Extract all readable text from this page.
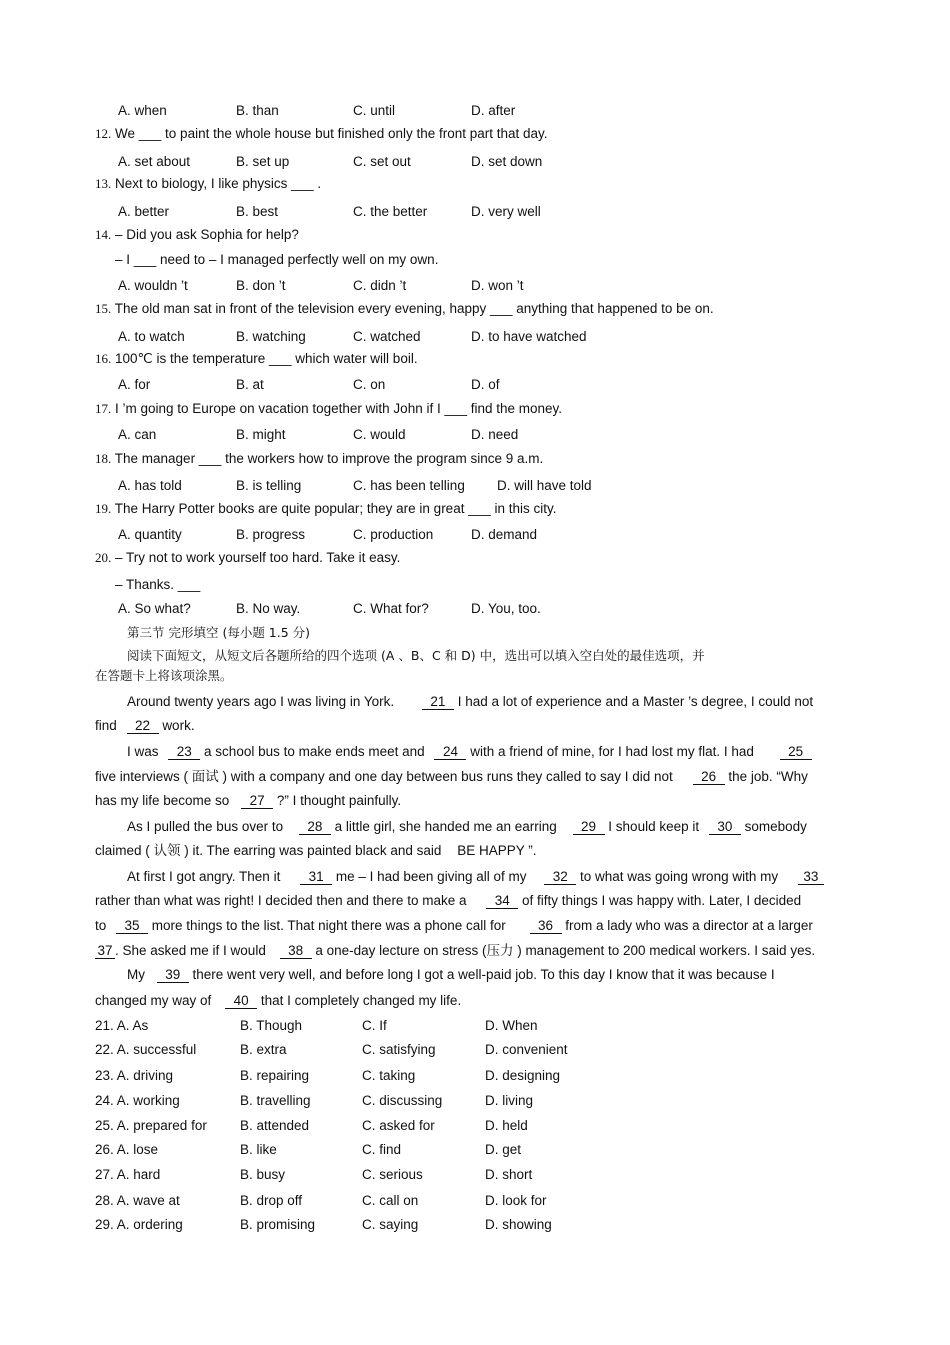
A. when	B. than	C. until	D. after
12. We ___ to paint the whole house but finished only the front part that day.
A. set about	B. set up	C. set out	D. set down
13. Next to biology, I like physics ___ .
A. better	B. best	C. the better	D. very well
14. – Did you ask Sophia for help?
– I ___ need to – I managed perfectly well on my own.
A. wouldn ’t	B. don ’t	C. didn ’t	D. won ’t
15. The old man sat in front of the television every evening, happy ___ anything that happened to be on.
A. to watch	B. watching	C. watched	D. to have watched
16. 100℃ is the temperature ___ which water will boil.
A. for	B. at	C. on	D. of
17. I ’m going to Europe on vacation together with John if I ___ find the money.
A. can	B. might	C. would	D. need
18. The manager ___ the workers how to improve the program since 9 a.m.
A. has told	B. is telling	C. has been telling D. will have told
19. The Harry Potter books are quite popular; they are in great ___ in this city.
A. quantity	B. progress	C. production	D. demand
20. – Try not to work yourself too hard. Take it easy.
– Thanks. ___
A. So what?	B. No way.	C. What for?	D. You, too.
第三节 完形填空 (每小题 1.5 分)
阅读下面短文，从短文后各题所给的四个选项 (A 、B、C 和 D) 中，选出可以填入空白处的最佳选项，并
在答题卡上将该项涂黑。
Around twenty years ago I was living in York.	21 I had a lot of experience and a Master ’s degree, I could not
find 22 work.
I was 23 a school bus to make ends meet and 24 with a friend of mine, for I had lost my flat. I had	25
five interviews ( 面试 ) with a company and one day between bus runs they called to say I did not 26 the job. “Why
has my life become so 27 ?” I thought painfully.
As I pulled the bus over to 28 a little girl, she handed me an earring 29 I should keep it 30 somebody
claimed ( 认领 ) it. The earring was painted black and said BE HAPPY ”.
At first I got angry. Then it 31 me – I had been giving all of my 32 to what was going wrong with my 33
rather than what was right! I decided then and there to make a 34 of fifty things I was happy with. Later, I decided
to 35 more things to the list. That night there was a phone call for 36 from a lady who was a director at a larger
37 . She asked me if I would 38 a one-day lecture on stress (压力 ) management to 200 medical workers. I said yes.
My 39 there went very well, and before long I got a well-paid job. To this day I know that it was because I
changed my way of 40 that I completely changed my life.
21. A. As	B. Though	C. If	D. When
22. A. successful	B. extra	C. satisfying	D. convenient
23. A. driving	B. repairing	C. taking	D. designing
24. A. working	B. travelling	C. discussing	D. living
25. A. prepared for B. attended	C. asked for	D. held
26. A. lose	B. like	C. find	D. get
27. A. hard	B. busy	C. serious	D. short
28. A. wave at	B. drop off	C. call on	D. look for
29. A. ordering	B. promising	C. saying	D. showing
